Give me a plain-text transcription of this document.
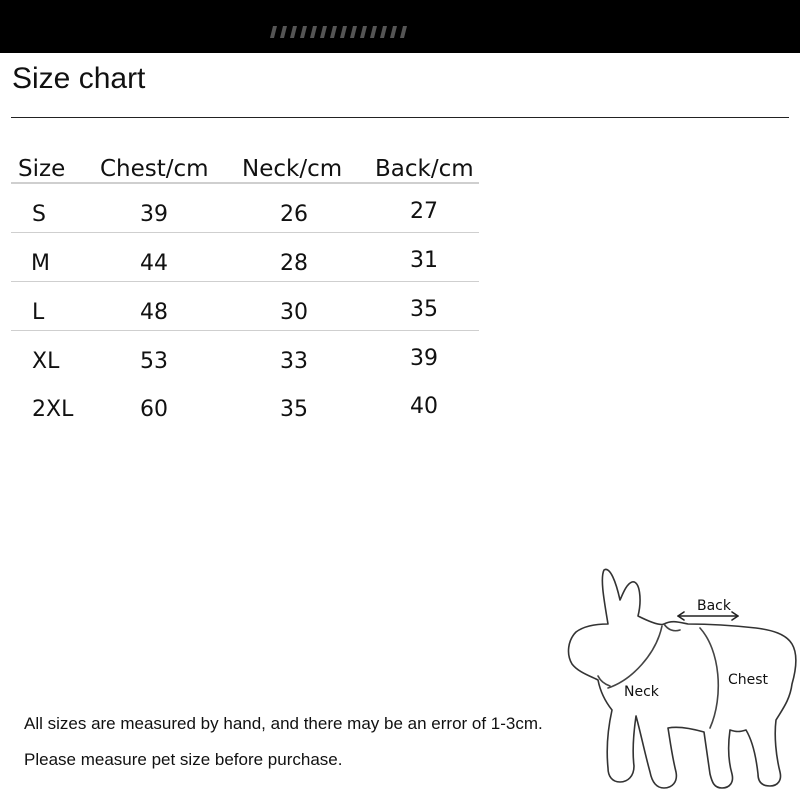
Size chart
Size Chest/cm Neck/cm Back/cm
S	39	26	27
M	44	28	31
L	48	30	35
XL	53	33	39
2XL	60	35	40
All sizes are measured by hand, and there may be an error of 1-3cm.
Please measure pet size before purchase.
Back
Neck
Chest
